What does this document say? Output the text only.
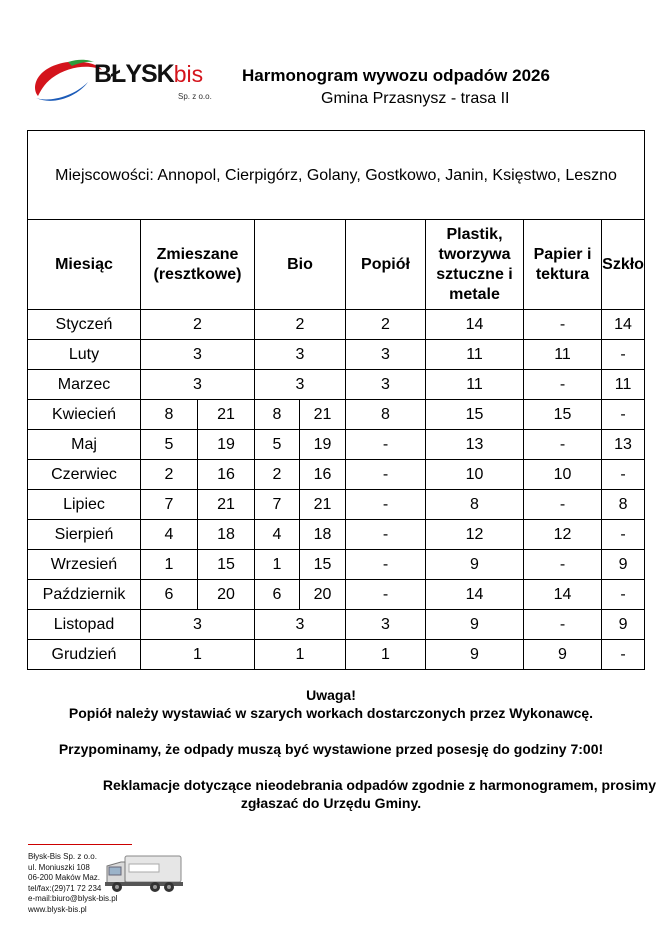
BŁYSKbis
Sp. z o.o.
Harmonogram wywozu odpadów 2026
Gmina Przasnysz - trasa II
Miejscowości: Annopol, Cierpigórz, Golany, Gostkowo, Janin, Księstwo, Leszno								
Miesiąc	Zmieszane (resztkowe)		Bio		Popiół	Plastik, tworzywa sztuczne i metale	Papier i tektura	Szkło
Styczeń	2		2		2	14	-	14
Luty	3		3		3	11	11	-
Marzec	3		3		3	11	-	11
Kwiecień	8	21	8	21	8	15	15	-
Maj	5	19	5	19	-	13	-	13
Czerwiec	2	16	2	16	-	10	10	-
Lipiec	7	21	7	21	-	8	-	8
Sierpień	4	18	4	18	-	12	12	-
Wrzesień	1	15	1	15	-	9	-	9
Październik	6	20	6	20	-	14	14	-
Listopad	3		3		3	9	-	9
Grudzień	1		1		1	9	9	-

Uwaga!

Popiół należy wystawiać w szarych workach dostarczonych przez Wykonawcę.

Przypominamy, że odpady muszą być wystawione przed posesję do godziny 7:00!

Reklamacje dotyczące nieodebrania odpadów zgodnie z harmonogramem, prosimy

zgłaszać do Urzędu Gminy.

Błysk-Bis Sp. z o.o.
ul. Moniuszki 108
06-200 Maków Maz.
tel/fax:(29)71 72 234
e-mail:biuro@blysk-bis.pl
www.blysk-bis.pl
